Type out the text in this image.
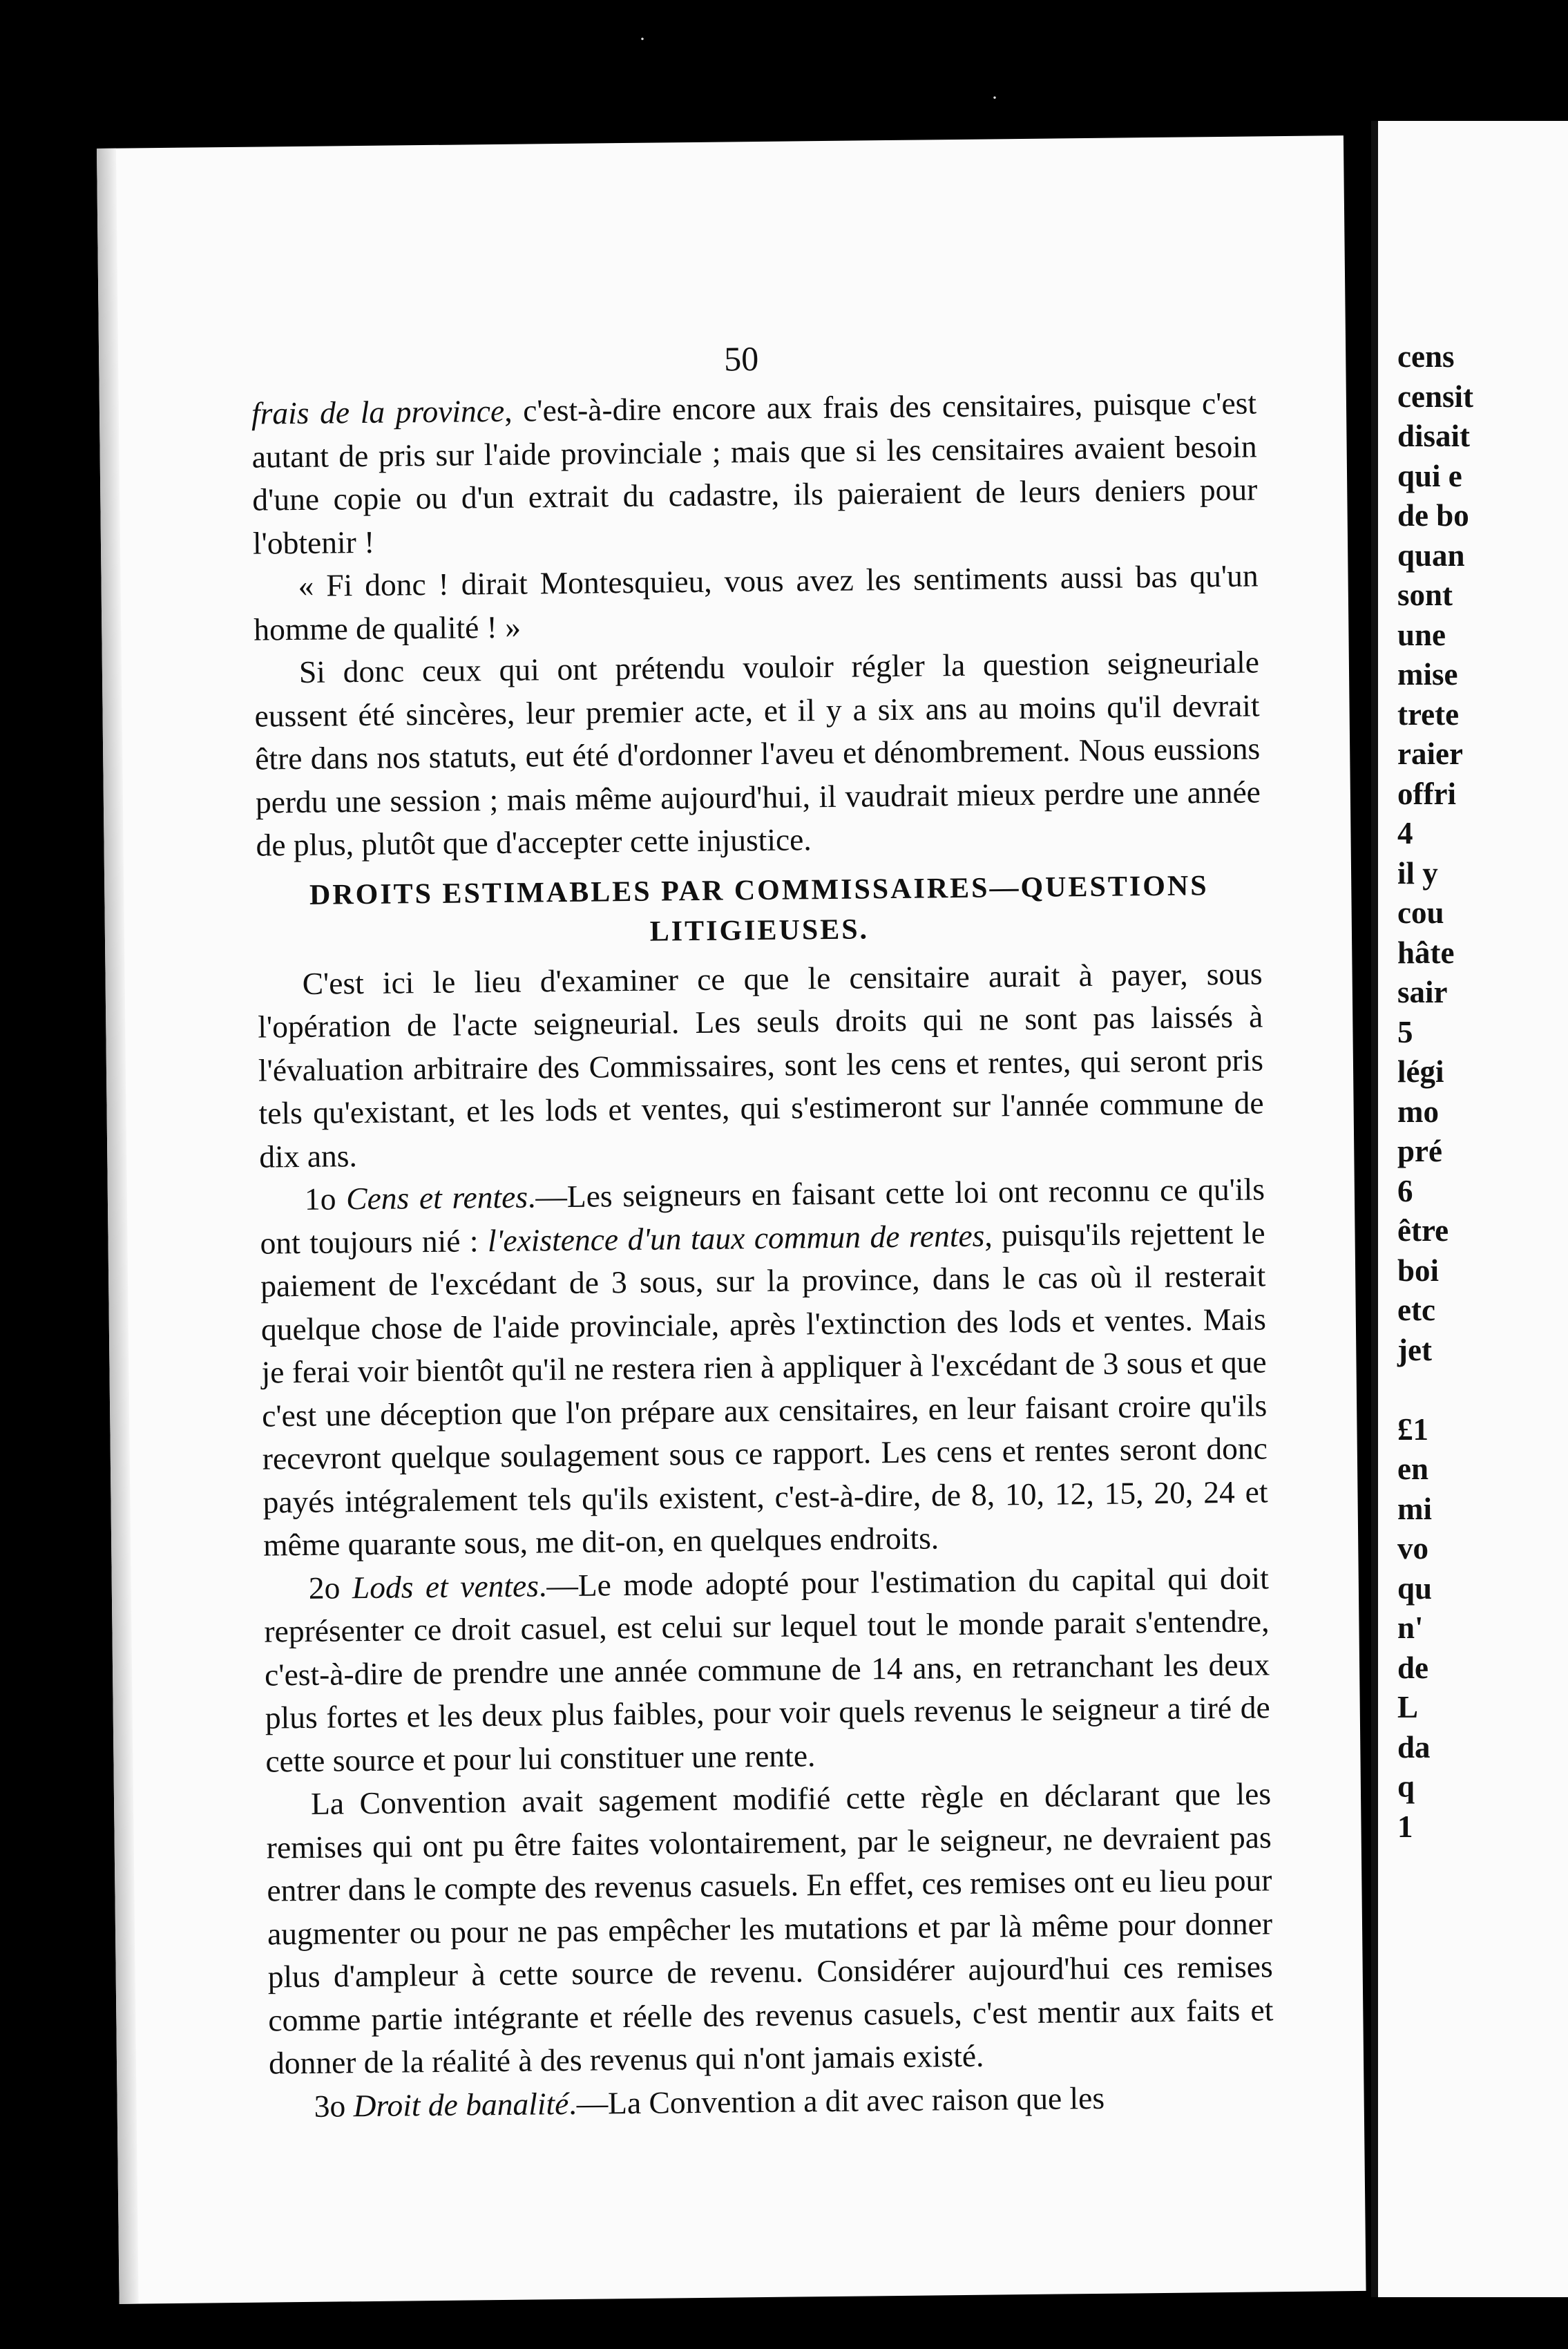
50

frais de la province, c'est-à-dire encore aux frais des censitaires, puisque c'est autant de pris sur l'aide provinciale ; mais que si les censitaires avaient besoin d'une copie ou d'un extrait du cadastre, ils paieraient de leurs deniers pour l'obtenir !

« Fi donc ! dirait Montesquieu, vous avez les sentiments aussi bas qu'un homme de qualité ! »

Si donc ceux qui ont prétendu vouloir régler la question seigneuriale eussent été sincères, leur premier acte, et il y a six ans au moins qu'il devrait être dans nos statuts, eut été d'ordonner l'aveu et dénombrement. Nous eussions perdu une session ; mais même aujourd'hui, il vaudrait mieux perdre une année de plus, plutôt que d'accepter cette injustice.

DROITS ESTIMABLES PAR COMMISSAIRES—QUESTIONS LITIGIEUSES.

C'est ici le lieu d'examiner ce que le censitaire aurait à payer, sous l'opération de l'acte seigneurial. Les seuls droits qui ne sont pas laissés à l'évaluation arbitraire des Commissaires, sont les cens et rentes, qui seront pris tels qu'existant, et les lods et ventes, qui s'estimeront sur l'année commune de dix ans.

1o Cens et rentes.—Les seigneurs en faisant cette loi ont reconnu ce qu'ils ont toujours nié : l'existence d'un taux commun de rentes, puisqu'ils rejettent le paiement de l'excédant de 3 sous, sur la province, dans le cas où il resterait quelque chose de l'aide provinciale, après l'extinction des lods et ventes. Mais je ferai voir bientôt qu'il ne restera rien à appliquer à l'excédant de 3 sous et que c'est une déception que l'on prépare aux censitaires, en leur faisant croire qu'ils recevront quelque soulagement sous ce rapport. Les cens et rentes seront donc payés intégralement tels qu'ils existent, c'est-à-dire, de 8, 10, 12, 15, 20, 24 et même quarante sous, me dit-on, en quelques endroits.

2o Lods et ventes.—Le mode adopté pour l'estimation du capital qui doit représenter ce droit casuel, est celui sur lequel tout le monde parait s'entendre, c'est-à-dire de prendre une année commune de 14 ans, en retranchant les deux plus fortes et les deux plus faibles, pour voir quels revenus le seigneur a tiré de cette source et pour lui constituer une rente.

La Convention avait sagement modifié cette règle en déclarant que les remises qui ont pu être faites volontairement, par le seigneur, ne devraient pas entrer dans le compte des revenus casuels. En effet, ces remises ont eu lieu pour augmenter ou pour ne pas empêcher les mutations et par là même pour donner plus d'ampleur à cette source de revenu. Considérer aujourd'hui ces remises comme partie intégrante et réelle des revenus casuels, c'est mentir aux faits et donner de la réalité à des revenus qui n'ont jamais existé.

3o Droit de banalité.—La Convention a dit avec raison que les

cens
censit
disait
qui e
de bo
quan
sont
une
mise
trete
raier
offri
4
il y
cou
hâte
sair
5
légi
mo
pré
6
être
boi
etc
jet
£1
en
mi
vo
qu
n'
de
L
da
q
1
·
·
